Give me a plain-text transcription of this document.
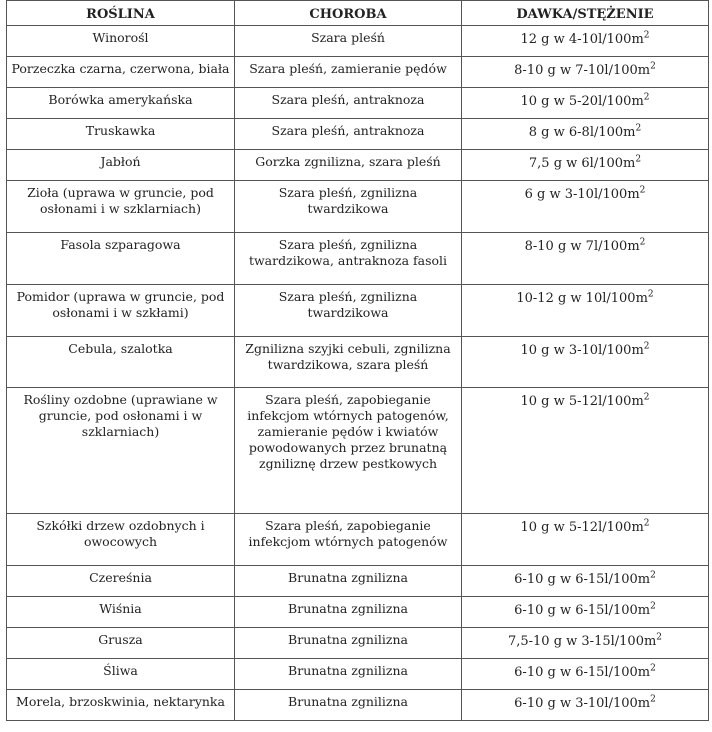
ROŚLINA	CHOROBA	DAWKA/STĘŻENIE
Winorośl	Szara pleśń	12 g w $4-10l/100m^2$
Porzeczka czarna, czerwona, biała	Szara pleśń, zamieranie pędów	8-10 g w $7-10l/100m^2$
Borówka amerykańska	Szara pleśń, antraknoza	10 g w $5-20l/100m^2$
Truskawka	Szara pleśń, antraknoza	8 g w $6-8l/100m^2$
Jabłoń	Gorzka zgnilizna, szara pleśń	7,5 g w $6l/100m^2$
Zioła (uprawa w gruncie, pod osłonami i w szklarniach)	Szara pleśń, zgnilizna twardzikowa	6 g w $3-10l/100m^2$
Fasola szparagowa	Szara pleśń, zgnilizna twardzikowa, antraknoza fasoli	8-10 g w $7l/100m^2$
Pomidor (uprawa w gruncie, pod osłonami i w szkłami)	Szara pleśń, zgnilizna twardzikowa	10-12 g w $10l/100m^2$
Cebula, szalotka	Zgnilizna szyjki cebuli, zgnilizna twardzikowa, szara pleśń	10 g w $3-10l/100m^2$
Rośliny ozdobne (uprawiane w gruncie, pod osłonami i w szklarniach)	Szara pleśń, zapobieganie infekcjom wtórnych patogenów, zamieranie pędów i kwiatów powodowanych przez brunatną zgniliznę drzew pestkowych	10 g w $5-12l/100m^2$
Szkółki drzew ozdobnych i owocowych	Szara pleśń, zapobieganie infekcjom wtórnych patogenów	10 g w $5-12l/100m^2$
Czereśnia	Brunatna zgnilizna	6-10 g w $6-15l/100m^2$
Wiśnia	Brunatna zgnilizna	6-10 g w $6-15l/100m^2$
Grusza	Brunatna zgnilizna	7,5-10 g w $3-15l/100m^2$
Śliwa	Brunatna zgnilizna	6-10 g w $6-15l/100m^2$
Morela, brzoskwinia, nektarynka	Brunatna zgnilizna	6-10 g w $3-10l/100m^2$
